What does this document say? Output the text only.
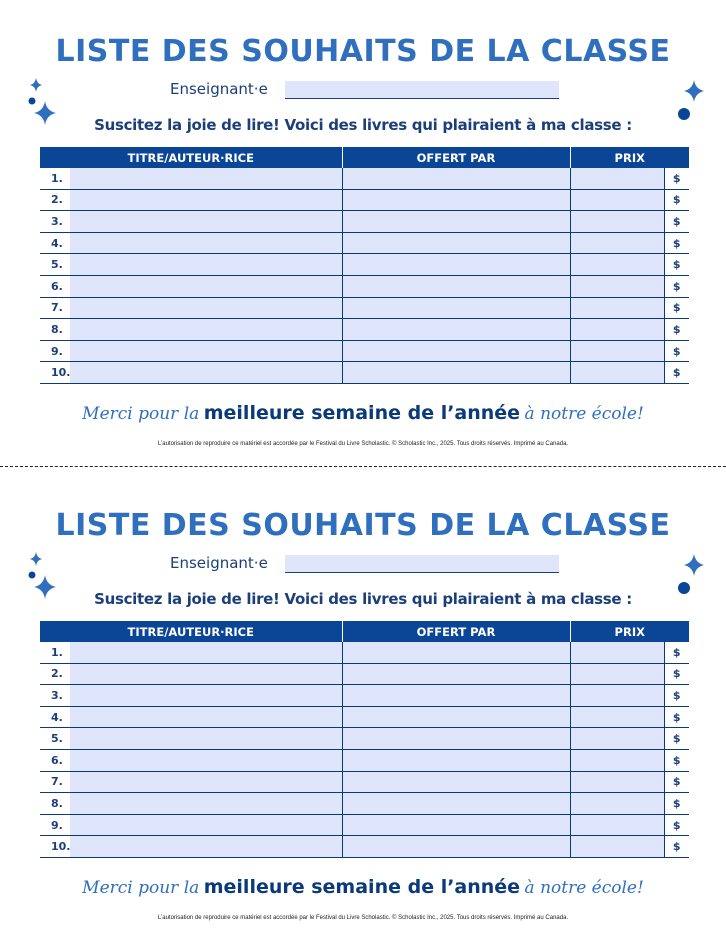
LISTE DES SOUHAITS DE LA CLASSE
Enseignant·e
Suscitez la joie de lire! Voici des livres qui plairaient à ma classe :
TITRE/AUTEUR·RICE		OFFERT PAR	PRIX	
1.				$
2.				$
3.				$
4.				$
5.				$
6.				$
7.				$
8.				$
9.				$
10.				$
Merci pour la meilleure semaine de l’année à notre école!
L’autorisation de reproduire ce matériel est accordée par le Festival du Livre Scholastic. © Scholastic Inc., 2025. Tous droits réservés. Imprimé au Canada.
LISTE DES SOUHAITS DE LA CLASSE
Enseignant·e
Suscitez la joie de lire! Voici des livres qui plairaient à ma classe :
TITRE/AUTEUR·RICE		OFFERT PAR	PRIX	
1.				$
2.				$
3.				$
4.				$
5.				$
6.				$
7.				$
8.				$
9.				$
10.				$
Merci pour la meilleure semaine de l’année à notre école!
L’autorisation de reproduire ce matériel est accordée par le Festival du Livre Scholastic. © Scholastic Inc., 2025. Tous droits réservés. Imprimé au Canada.
